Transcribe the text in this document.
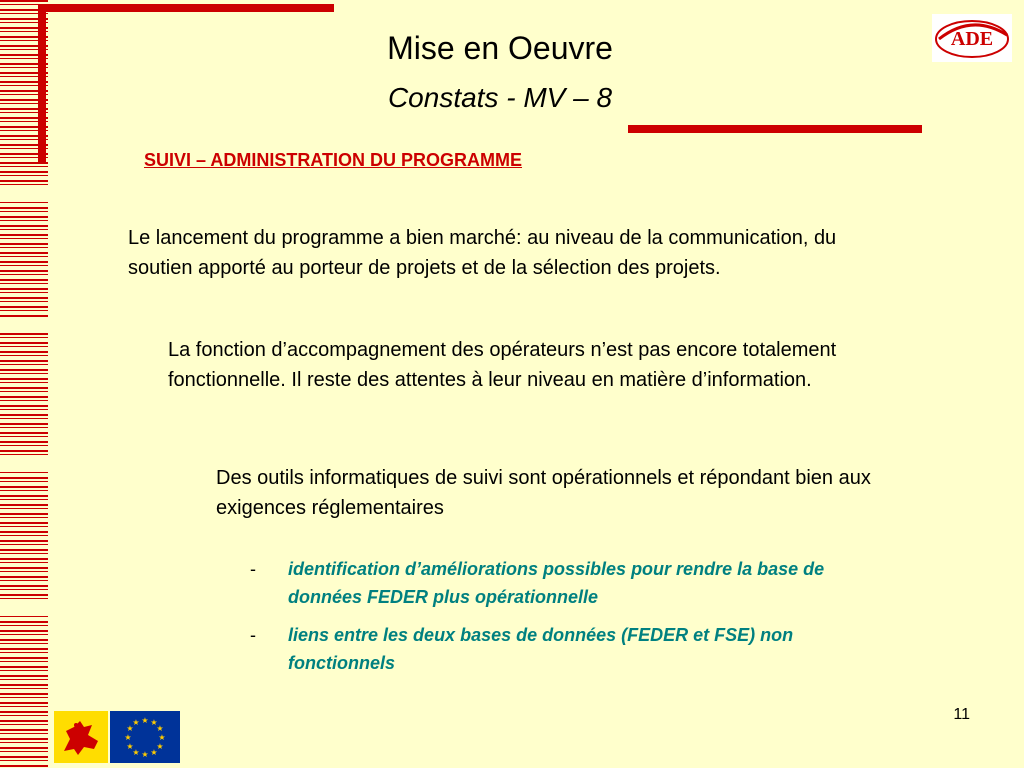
Mise en Oeuvre
Constats - MV – 8
ADE
SUIVI – ADMINISTRATION DU PROGRAMME
Le lancement du programme a bien marché: au niveau de la communication, du soutien apporté au porteur de projets et de la sélection des projets.
La fonction d’accompagnement des opérateurs n’est pas encore totalement fonctionnelle. Il reste des attentes à leur niveau en matière d’information.
Des outils informatiques de suivi sont opérationnels et répondant bien aux exigences réglementaires
-	identification d’améliorations possibles pour rendre la base de données FEDER plus opérationnelle
-	liens entre les deux bases de données (FEDER et FSE) non fonctionnels
11
★ ★
★
★
★
★
★
★
★
★
★
★
